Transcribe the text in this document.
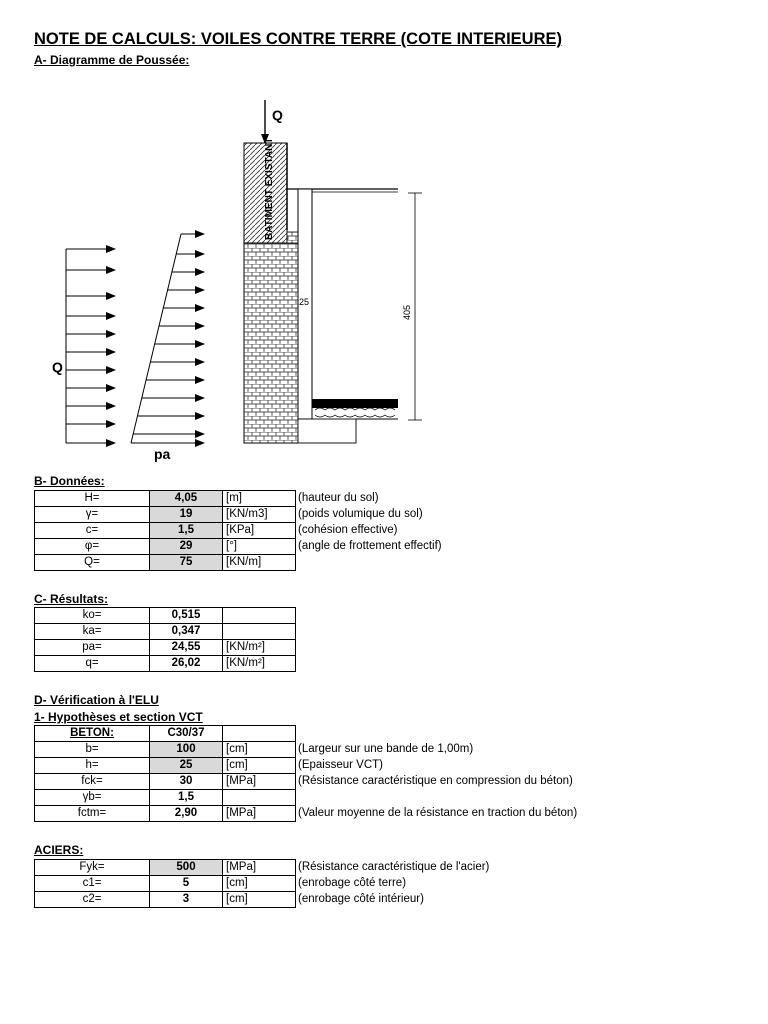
NOTE DE CALCULS: VOILES CONTRE TERRE (COTE INTERIEURE)
A- Diagramme de Poussée:
Q
BATIMENT EXISTANT
25
405
Q
pa
B- Données:
H=	4,05	[m]	(hauteur du sol)
γ=	19	[KN/m3]	(poids volumique du sol)
c=	1,5	[KPa]	(cohésion effective)
φ=	29	[°]	(angle de frottement effectif)
Q=	75	[KN/m]	
C- Résultats:
ko=	0,515	
ka=	0,347	
pa=	24,55	[KN/m²]
q=	26,02	[KN/m²]
D- Vérification à l'ELU
1- Hypothèses et section VCT
BETON:	C30/37		
b=	100	[cm]	(Largeur sur une bande de 1,00m)
h=	25	[cm]	(Epaisseur VCT)
fck=	30	[MPa]	(Résistance caractéristique en compression du béton)
γb=	1,5		
fctm=	2,90	[MPa]	(Valeur moyenne de la résistance en traction du béton)
ACIERS:
Fyk=	500	[MPa]	(Résistance caractéristique de l'acier)
c1=	5	[cm]	(enrobage côté terre)
c2=	3	[cm]	(enrobage côté intérieur)
